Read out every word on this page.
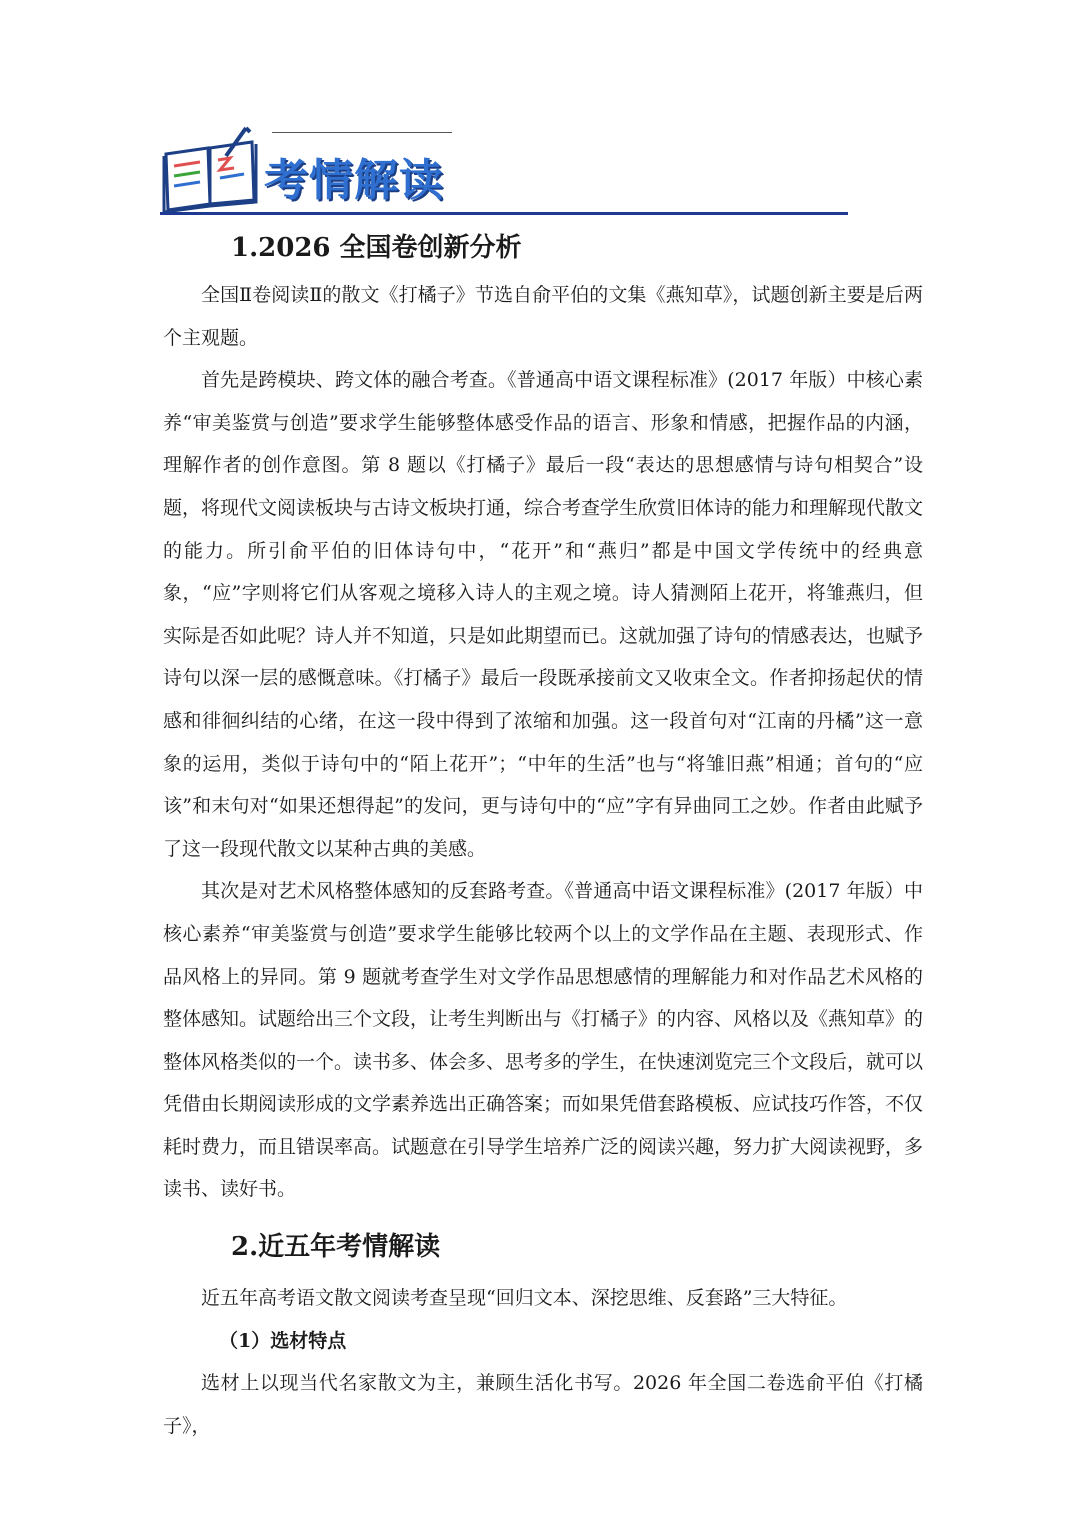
考情解读
1.2026 全国卷创新分析

全国Ⅱ卷阅读Ⅱ的散文《打橘子》节选自俞平伯的文集《燕知草》，试题创新主要是后两个主观题。

首先是跨模块、跨文体的融合考查。《普通高中语文课程标准》(2017 年版）中核心素养“审美鉴赏与创造”要求学生能够整体感受作品的语言、形象和情感，把握作品的内涵，理解作者的创作意图。第 8 题以《打橘子》最后一段“表达的思想感情与诗句相契合”设题，将现代文阅读板块与古诗文板块打通，综合考查学生欣赏旧体诗的能力和理解现代散文的能力。所引俞平伯的旧体诗句中，“花开”和“燕归”都是中国文学传统中的经典意象，“应”字则将它们从客观之境移入诗人的主观之境。诗人猜测陌上花开，将雏燕归，但实际是否如此呢？诗人并不知道，只是如此期望而已。这就加强了诗句的情感表达，也赋予诗句以深一层的感慨意味。《打橘子》最后一段既承接前文又收束全文。作者抑扬起伏的情感和徘徊纠结的心绪，在这一段中得到了浓缩和加强。这一段首句对“江南的丹橘”这一意象的运用，类似于诗句中的“陌上花开”；“中年的生活”也与“将雏旧燕”相通；首句的“应该”和末句对“如果还想得起”的发问，更与诗句中的“应”字有异曲同工之妙。作者由此赋予了这一段现代散文以某种古典的美感。

其次是对艺术风格整体感知的反套路考查。《普通高中语文课程标准》(2017 年版）中核心素养“审美鉴赏与创造”要求学生能够比较两个以上的文学作品在主题、表现形式、作品风格上的异同。第 9 题就考查学生对文学作品思想感情的理解能力和对作品艺术风格的整体感知。试题给出三个文段，让考生判断出与《打橘子》的内容、风格以及《燕知草》的整体风格类似的一个。读书多、体会多、思考多的学生，在快速浏览完三个文段后，就可以凭借由长期阅读形成的文学素养选出正确答案；而如果凭借套路模板、应试技巧作答，不仅耗时费力，而且错误率高。试题意在引导学生培养广泛的阅读兴趣，努力扩大阅读视野，多读书、读好书。

2.近五年考情解读

近五年高考语文散文阅读考查呈现“回归文本、深挖思维、反套路”三大特征。

（1）选材特点

选材上以现当代名家散文为主，兼顾生活化书写。2026 年全国二卷选俞平伯《打橘子》，
